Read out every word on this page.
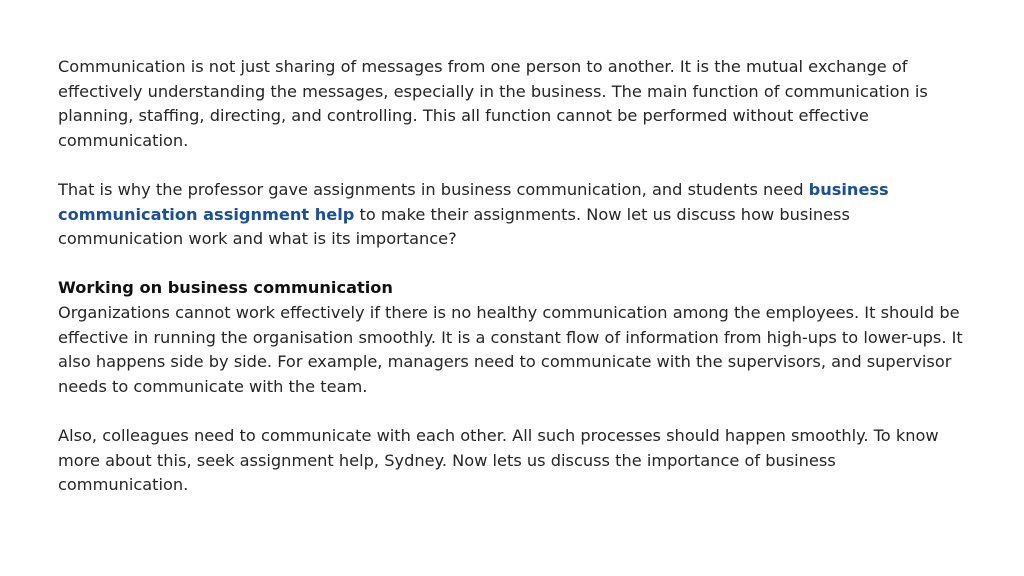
Communication is not just sharing of messages from one person to another. It is the mutual exchange of effectively understanding the messages, especially in the business. The main function of communication is planning, staffing, directing, and controlling. This all function cannot be performed without effective communication.

That is why the professor gave assignments in business communication, and students need business communication assignment help to make their assignments. Now let us discuss how business communication work and what is its importance?

Working on business communication
Organizations cannot work effectively if there is no healthy communication among the employees. It should be effective in running the organisation smoothly. It is a constant flow of information from high-ups to lower-ups. It also happens side by side. For example, managers need to communicate with the supervisors, and supervisor needs to communicate with the team.

Also, colleagues need to communicate with each other. All such processes should happen smoothly. To know more about this, seek assignment help, Sydney. Now lets us discuss the importance of business communication.
